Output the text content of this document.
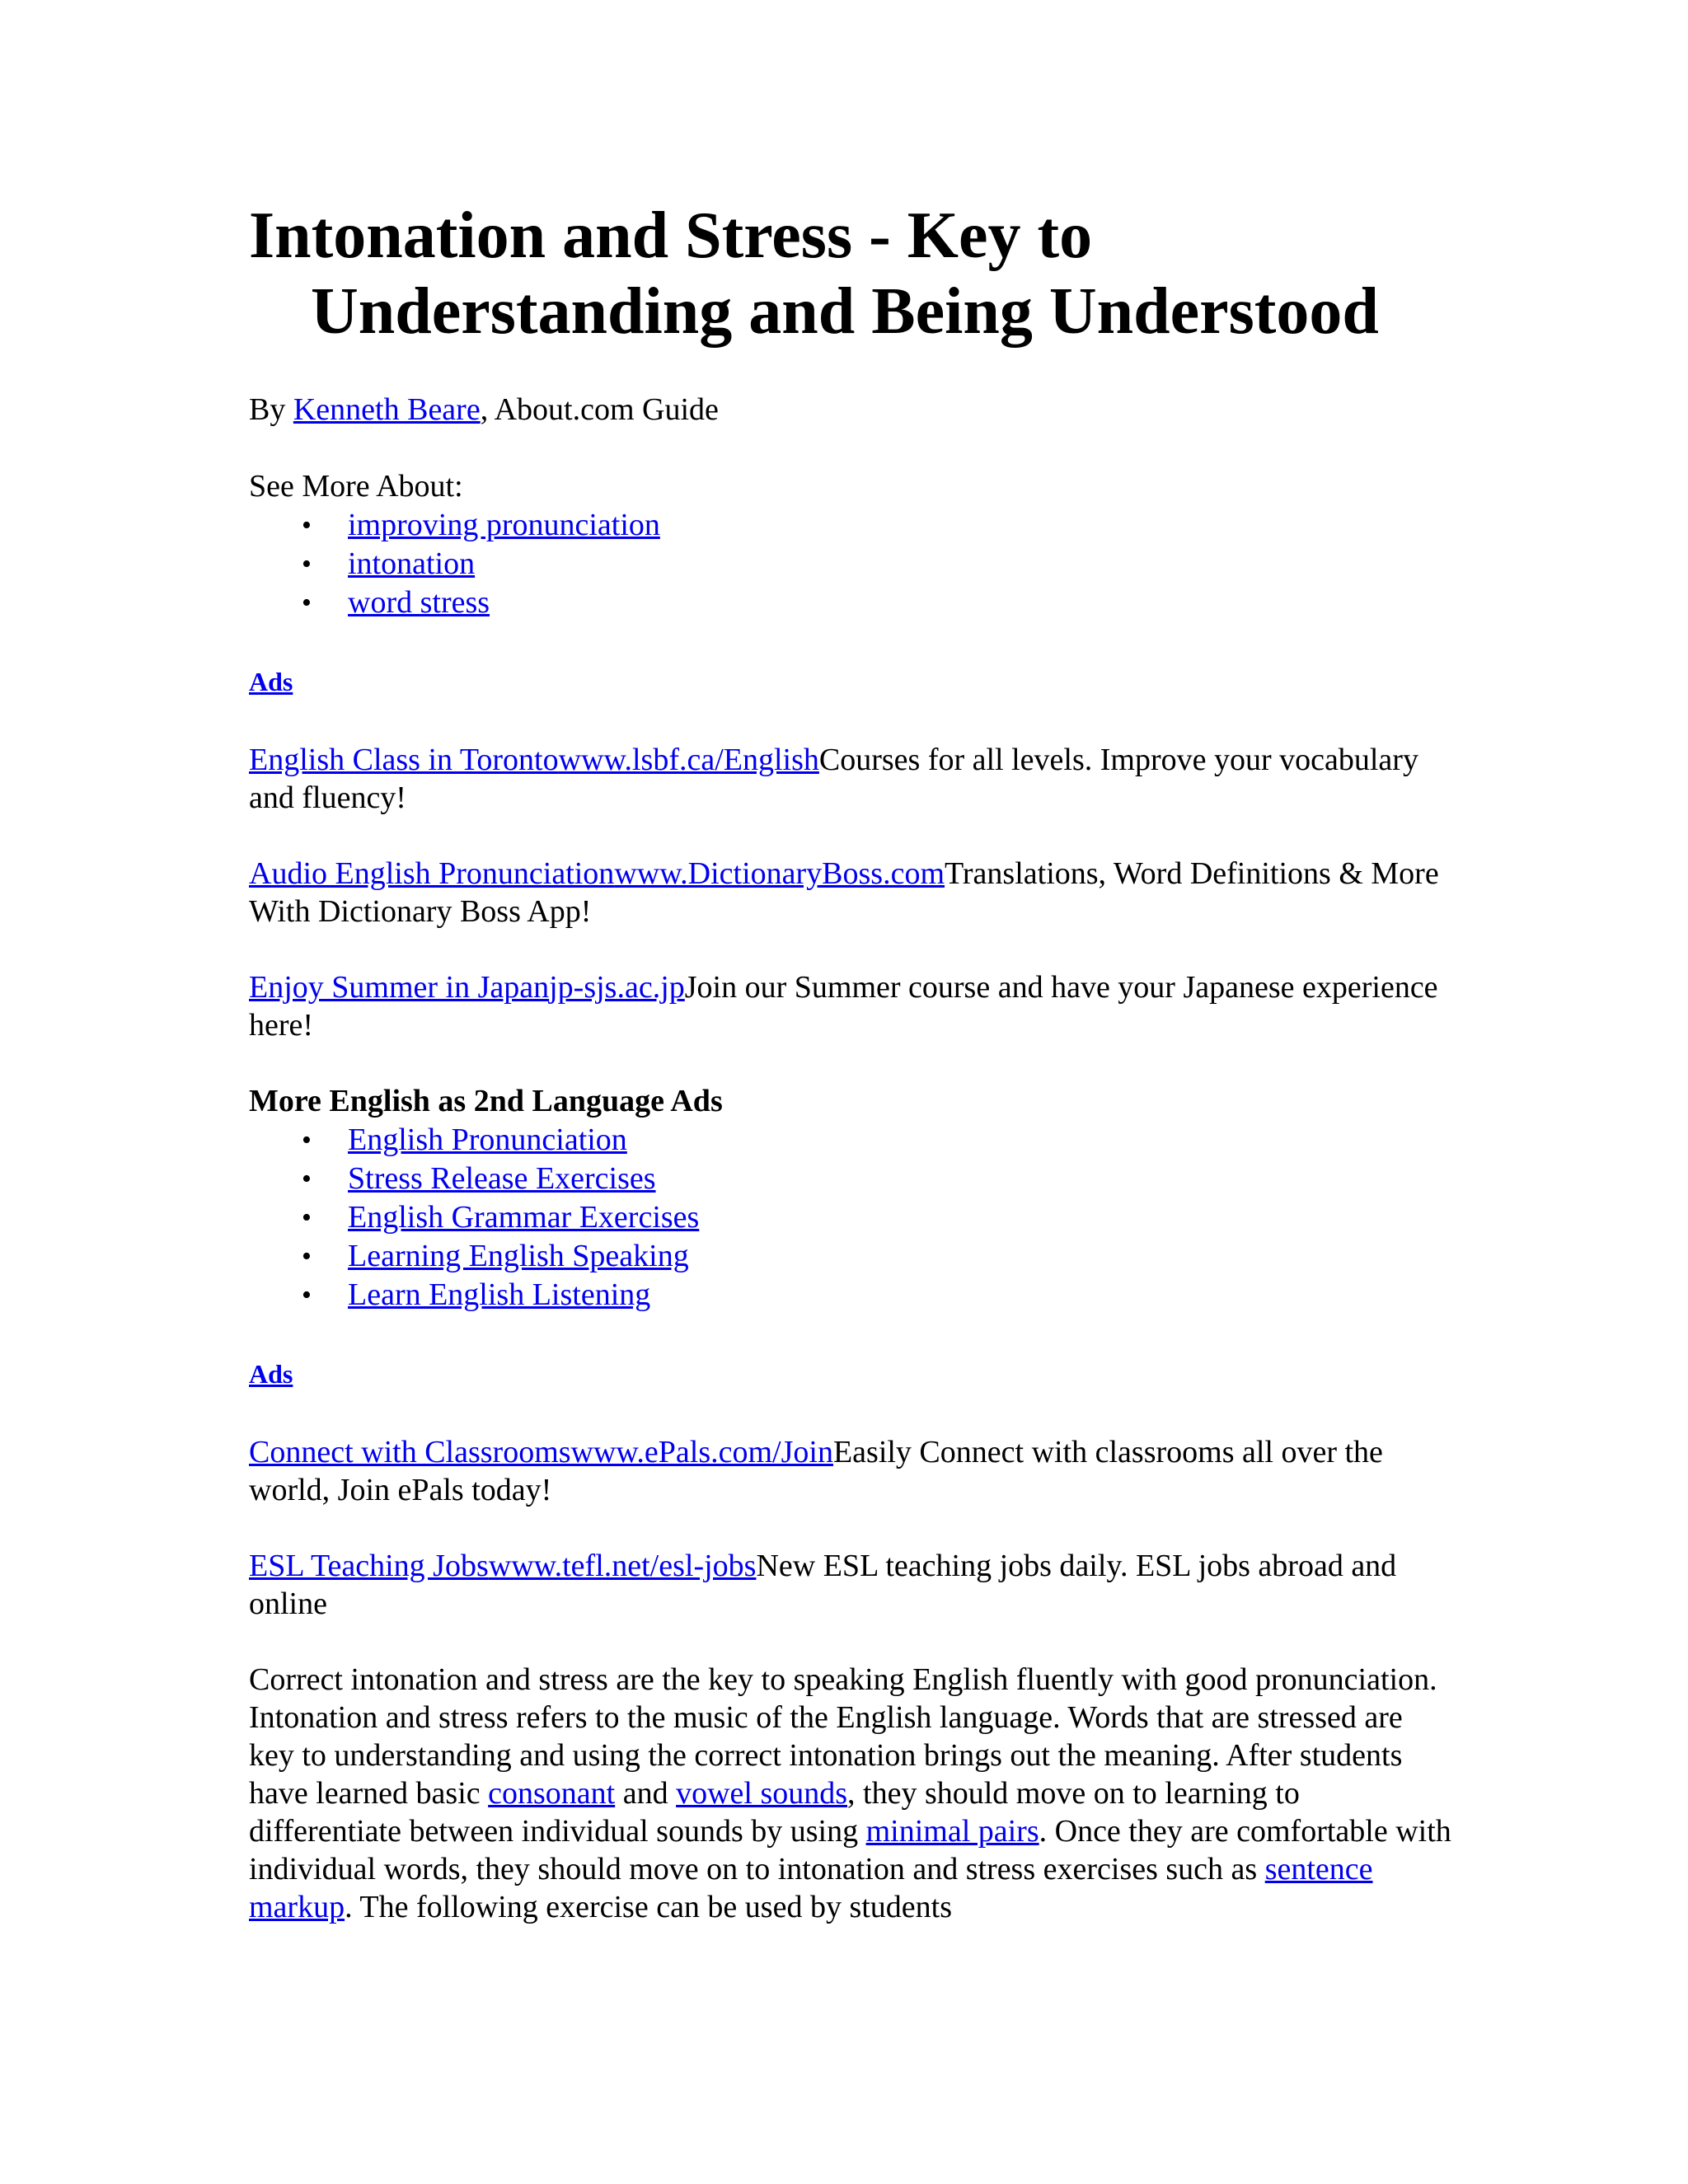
Intonation and Stress - Key to
Understanding and Being Understood
By Kenneth Beare, About.com Guide
See More About:
• improving pronunciation
• intonation
• word stress
Ads
English Class in Torontowww.lsbf.ca/EnglishCourses for all levels. Improve your vocabulary and fluency!
Audio English Pronunciationwww.DictionaryBoss.comTranslations, Word Definitions & More With Dictionary Boss App!
Enjoy Summer in Japanjp-sjs.ac.jpJoin our Summer course and have your Japanese experience here!
More English as 2nd Language Ads
• English Pronunciation
• Stress Release Exercises
• English Grammar Exercises
• Learning English Speaking
• Learn English Listening
Ads
Connect with Classroomswww.ePals.com/JoinEasily Connect with classrooms all over the world, Join ePals today!
ESL Teaching Jobswww.tefl.net/esl-jobsNew ESL teaching jobs daily. ESL jobs abroad and online
Correct intonation and stress are the key to speaking English fluently with good pronunciation. Intonation and stress refers to the music of the English language. Words that are stressed are key to understanding and using the correct intonation brings out the meaning. After students have learned basic consonant and vowel sounds, they should move on to learning to differentiate between individual sounds by using minimal pairs. Once they are comfortable with individual words, they should move on to intonation and stress exercises such as sentence markup. The following exercise can be used by students
